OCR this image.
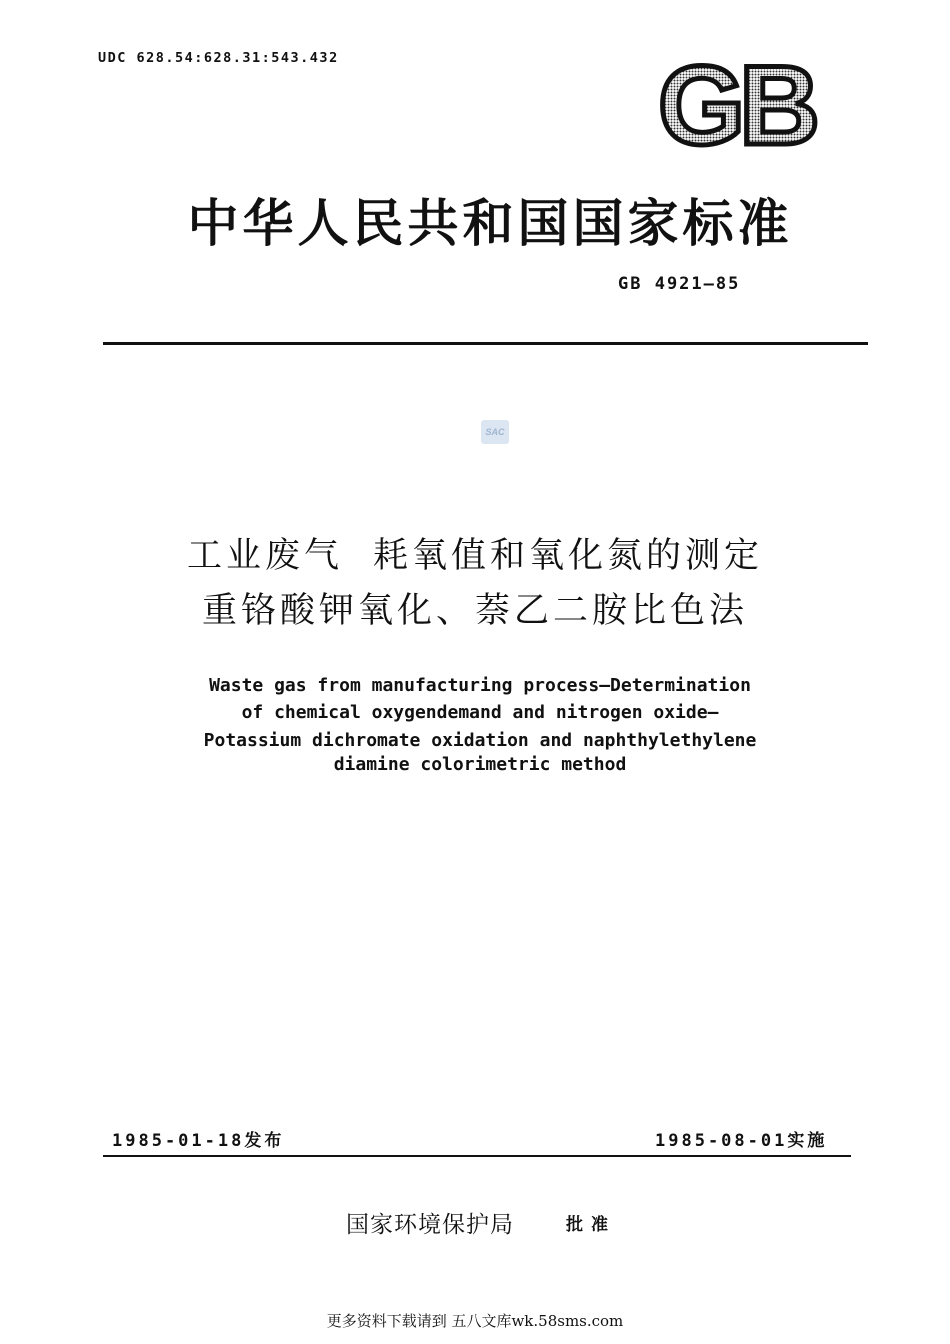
UDC 628.54:628.31:543.432	GB
中华人民共和国国家标准
GB 4921—85
SAC
工业废气 耗氧值和氧化氮的测定
重铬酸钾氧化、萘乙二胺比色法
Waste gas from manufacturing process—Determination
of chemical oxygendemand and nitrogen oxide—
Potassium dichromate oxidation and naphthylethylene
diamine colorimetric method
1985-01-18发布	1985-08-01实施
国家环境保护局	批准
更多资料下载请到 五八文库wk.58sms.com
